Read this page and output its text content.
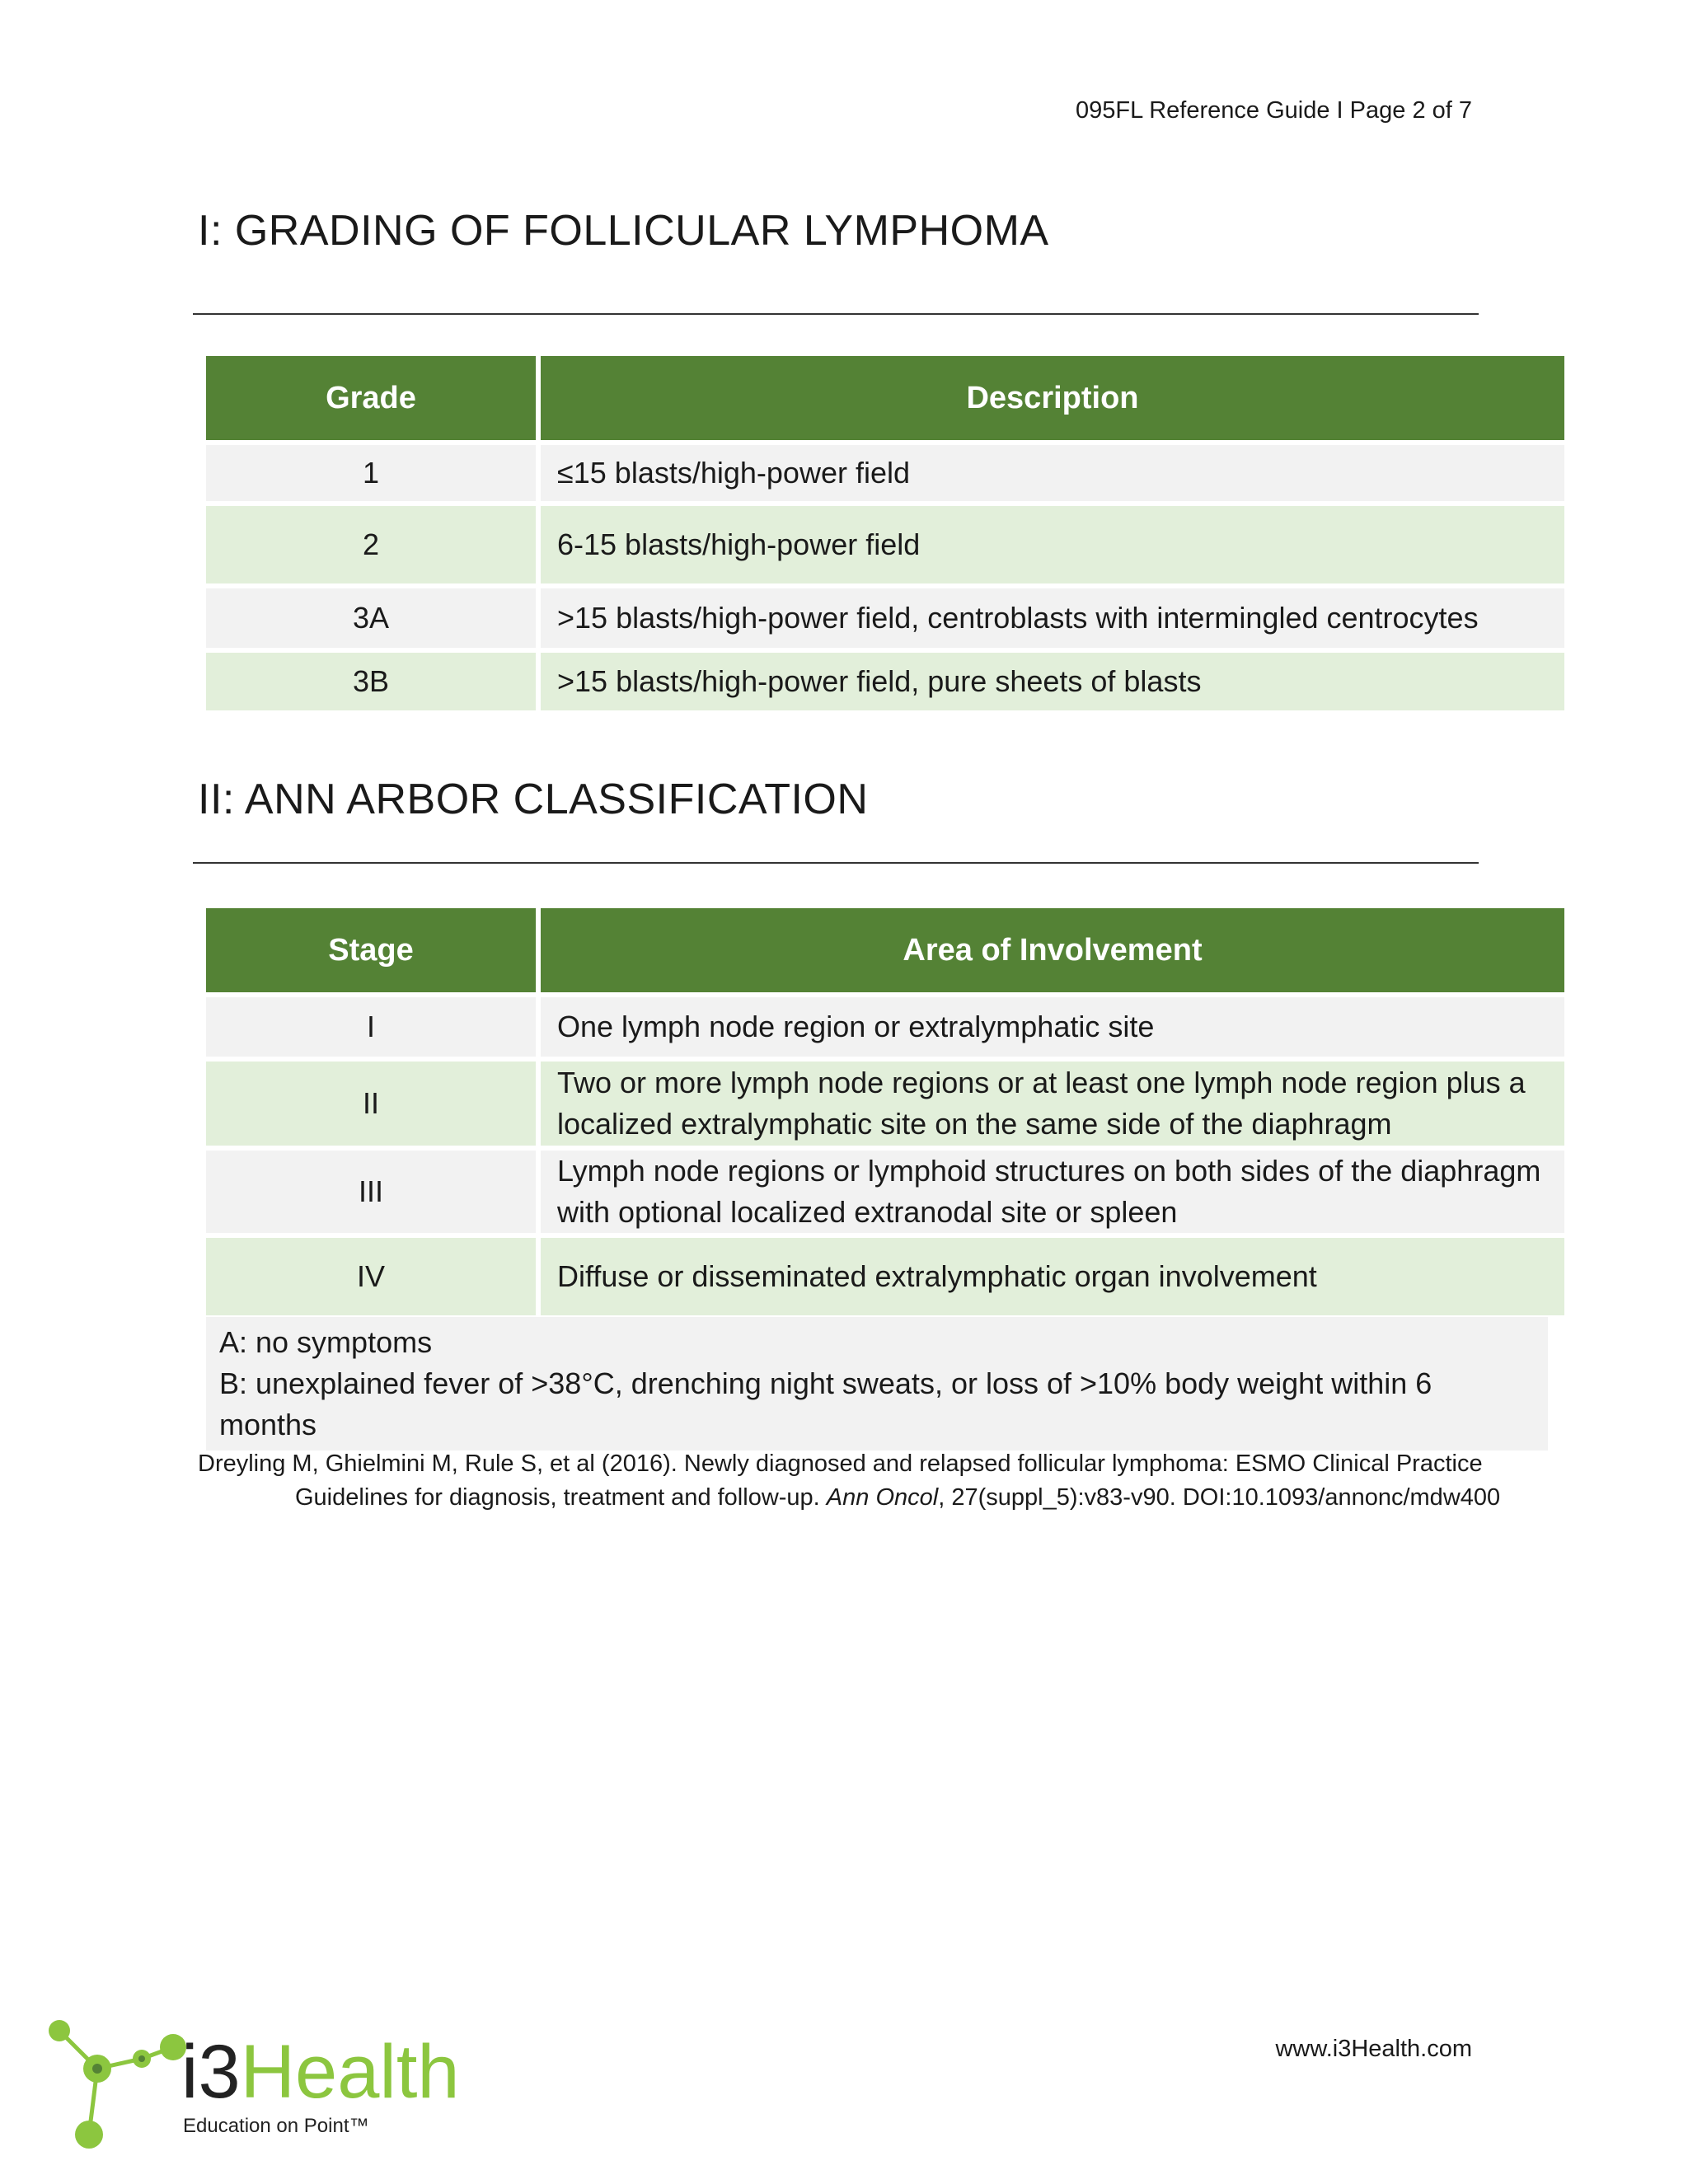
095FL Reference Guide I Page 2 of 7
I: GRADING OF FOLLICULAR LYMPHOMA
Grade	Description
1	≤15 blasts/high-power field
2	6-15 blasts/high-power field
3A	>15 blasts/high-power field, centroblasts with intermingled centrocytes
3B	>15 blasts/high-power field, pure sheets of blasts
II: ANN ARBOR CLASSIFICATION
Stage	Area of Involvement
I	One lymph node region or extralymphatic site
II	Two or more lymph node regions or at least one lymph node region plus a localized extralymphatic site on the same side of the diaphragm
III	Lymph node regions or lymphoid structures on both sides of the diaphragm with optional localized extranodal site or spleen
IV	Diffuse or disseminated extralymphatic organ involvement
A: no symptoms
B: unexplained fever of >38°C, drenching night sweats, or loss of >10% body weight within 6 months
Dreyling M, Ghielmini M, Rule S, et al (2016). Newly diagnosed and relapsed follicular lymphoma: ESMO Clinical Practice Guidelines for diagnosis, treatment and follow-up. Ann Oncol, 27(suppl_5):v83-v90. DOI:10.1093/annonc/mdw400
i3Health
Education on Point™
www.i3Health.com
